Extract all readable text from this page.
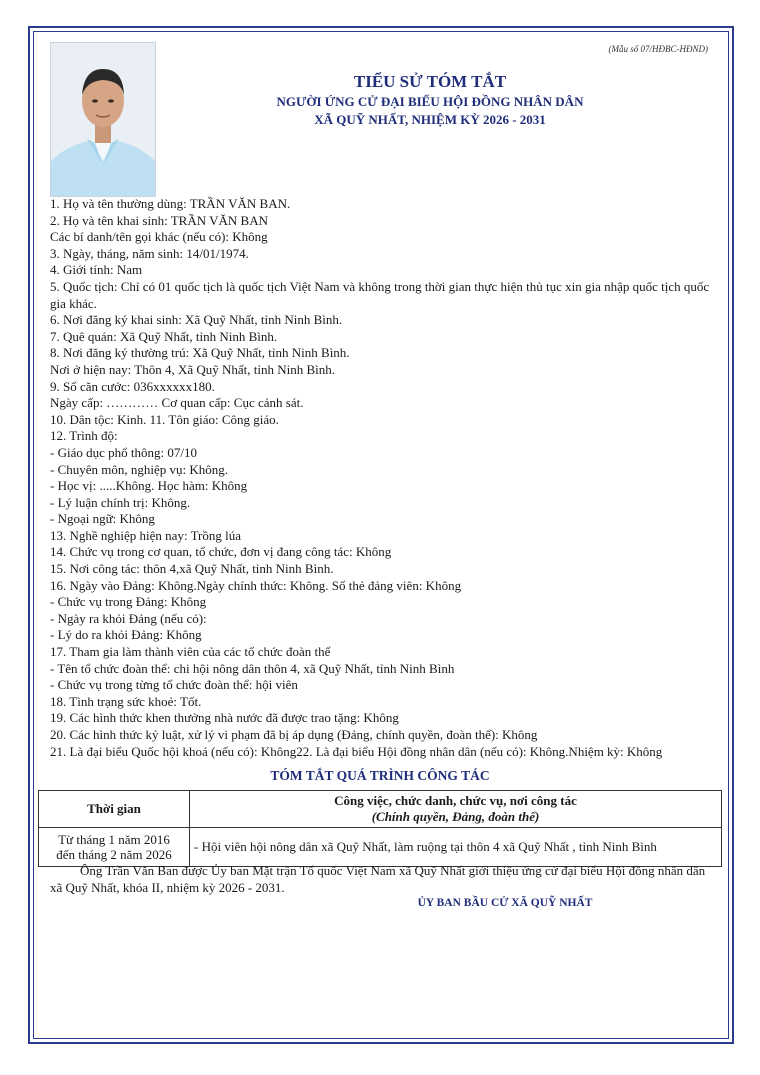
(Mẫu số 07/HĐBC-HĐND)
TIỂU SỬ TÓM TẮT
NGƯỜI ỨNG CỬ ĐẠI BIỂU HỘI ĐỒNG NHÂN DÂN
XÃ QUỸ NHẤT, NHIỆM KỲ 2026 - 2031
1. Họ và tên thường dùng: TRẦN VĂN BAN.
2. Họ và tên khai sinh: TRẦN VĂN BAN
Các bí danh/tên gọi khác (nếu có): Không
3. Ngày, tháng, năm sinh: 14/01/1974.
4. Giới tính: Nam
5. Quốc tịch: Chỉ có 01 quốc tịch là quốc tịch Việt Nam và không trong thời gian thực hiện thủ tục xin gia nhập quốc tịch quốc gia khác.
6. Nơi đăng ký khai sinh: Xã Quỹ Nhất, tỉnh Ninh Bình.
7. Quê quán: Xã Quỹ Nhất, tỉnh Ninh Bình.
8. Nơi đăng ký thường trú: Xã Quỹ Nhất, tỉnh Ninh Bình.
Nơi ở hiện nay: Thôn 4, Xã Quỹ Nhất, tỉnh Ninh Bình.
9. Số căn cước: 036xxxxxx180.
Ngày cấp: ………… Cơ quan cấp: Cục cảnh sát.
10. Dân tộc: Kinh. 11. Tôn giáo: Công giáo.
12. Trình độ:
- Giáo dục phổ thông: 07/10
- Chuyên môn, nghiệp vụ: Không.
- Học vị: .....Không. Học hàm: Không
- Lý luận chính trị: Không.
- Ngoại ngữ: Không
13. Nghề nghiệp hiện nay: Trồng lúa
14. Chức vụ trong cơ quan, tổ chức, đơn vị đang công tác: Không
15. Nơi công tác: thôn 4,xã Quỹ Nhất, tỉnh Ninh Bình.
16. Ngày vào Đảng: Không.Ngày chính thức: Không. Số thẻ đảng viên: Không
- Chức vụ trong Đảng: Không
- Ngày ra khỏi Đảng (nếu có):
- Lý do ra khỏi Đảng: Không
17. Tham gia làm thành viên của các tổ chức đoàn thể
- Tên tổ chức đoàn thể: chi hội nông dân thôn 4, xã Quỹ Nhất, tỉnh Ninh Bình
- Chức vụ trong từng tổ chức đoàn thể: hội viên
18. Tình trạng sức khoẻ: Tốt.
19. Các hình thức khen thưởng nhà nước đã được trao tặng: Không
20. Các hình thức kỷ luật, xử lý vi phạm đã bị áp dụng (Đảng, chính quyền, đoàn thể): Không
21. Là đại biểu Quốc hội khoá (nếu có): Không22. Là đại biểu Hội đồng nhân dân (nếu có): Không.Nhiệm kỳ: Không
TÓM TẮT QUÁ TRÌNH CÔNG TÁC
Thời gian	Công việc, chức danh, chức vụ, nơi công tác
(Chính quyền, Đảng, đoàn thể)

Từ tháng 1 năm 2016
đến tháng 2 năm 2026	- Hội viên hội nông dân xã Quỹ Nhất, làm ruộng tại thôn 4 xã Quỹ Nhất , tỉnh Ninh Bình
Ông Trần Văn Ban được Ủy ban Mặt trận Tổ quốc Việt Nam xã Quỹ Nhất giới thiệu ứng cử đại biểu Hội đồng nhân dân xã Quỹ Nhất, khóa II, nhiệm kỳ 2026 - 2031.
ỦY BAN BẦU CỬ XÃ QUỸ NHẤT
